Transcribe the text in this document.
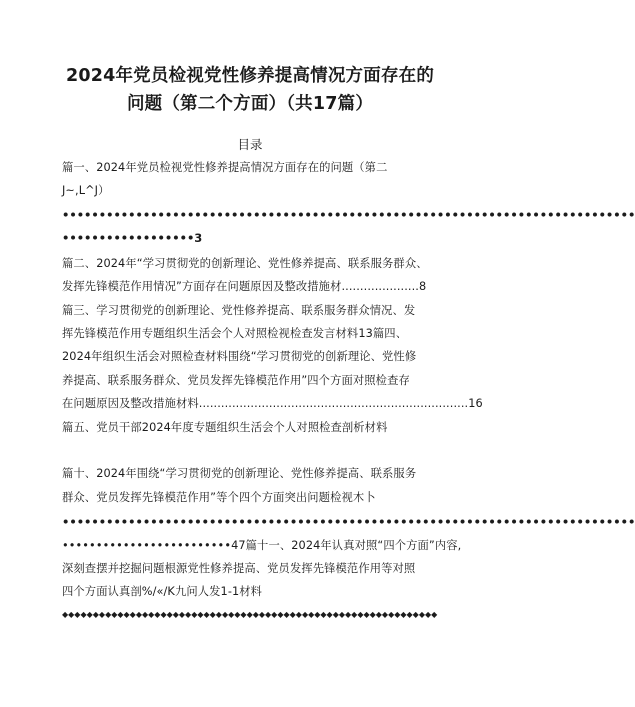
2024年党员检视党性修养提高情况方面存在的
问题（第二个方面）（共17篇）
目录
篇一、2024年党员检视党性修养提高情况方面存在的问题（第二
J~,L^J）
••••••••••••••••••••••••••••••••••••••••••••••••••••••••••••••••••••••••••••••
••••••••••••••••••3
篇二、2024年“学习贯彻党的创新理论、党性修养提高、联系服务群众、
发挥先锋模范作用情况”方面存在问题原因及整改措施材.....................8
篇三、学习贯彻党的创新理论、党性修养提高、联系服务群众情况、发
挥先锋模范作用专题组织生活会个人对照检视检查发言材料13篇四、
2024年组织生活会对照检查材料围绕“学习贯彻党的创新理论、党性修
养提高、联系服务群众、党员发挥先锋模范作用”四个方面对照检查存
在问题原因及整改措施材料.........................................................................16
篇五、党员干部2024年度专题组织生活会个人对照检查剖析材料
篇十、2024年围绕“学习贯彻党的创新理论、党性修养提高、联系服务
群众、党员发挥先锋模范作用”等个四个方面突出问题检视木卜
••••••••••••••••••••••••••••••••••••••••••••••••••••••••••••••••••••••••••••••
•••••••••••••••••••••••••47篇十一、2024年认真对照“四个方面”内容,
深刻查摆并挖掘问题根源党性修养提高、党员发挥先锋模范作用等对照
四个方面认真剖%/«/K九问人发1-1材料
◆◆◆◆◆◆◆◆◆◆◆◆◆◆◆◆◆◆◆◆◆◆◆◆◆◆◆◆◆◆◆◆◆◆◆◆◆◆◆◆◆◆◆◆◆◆◆◆◆◆◆◆◆◆◆◆◆◆◆◆◆
